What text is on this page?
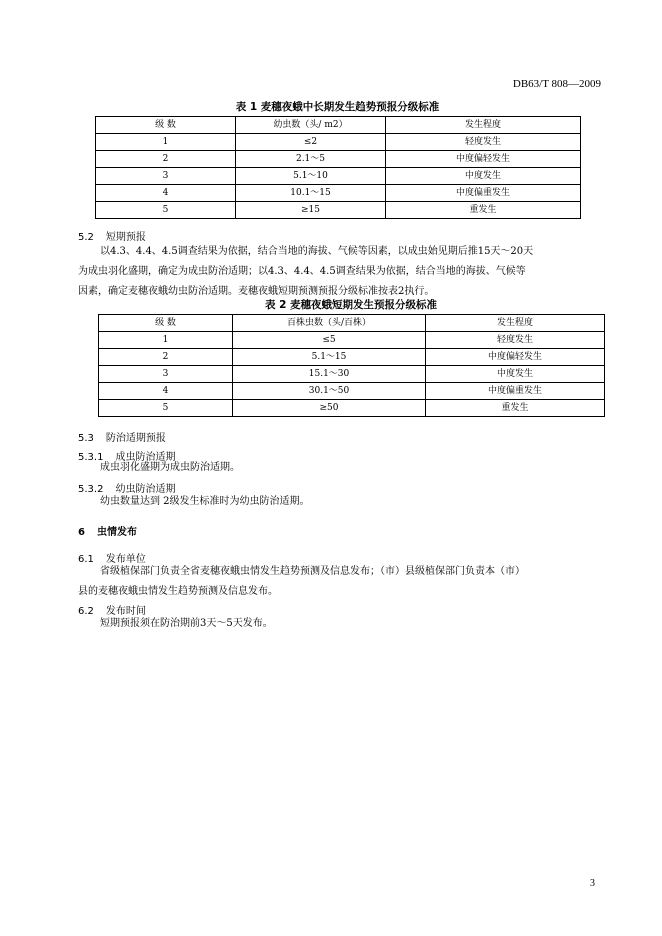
DB63/T 808—2009
表 1 麦穗夜蛾中长期发生趋势预报分级标准
级 数	幼虫数（头/ m2）	发生程度
1	≤2	轻度发生
2	2.1～5	中度偏轻发生
3	5.1～10	中度发生
4	10.1～15	中度偏重发生
5	≥15	重发生
5.2 短期预报
以4.3、4.4、4.5调查结果为依据，结合当地的海拔、气候等因素，以成虫始见期后推15天～20天
为成虫羽化盛期，确定为成虫防治适期；以4.3、4.4、4.5调查结果为依据，结合当地的海拔、气候等
因素，确定麦穗夜蛾幼虫防治适期。麦穗夜蛾短期预测预报分级标准按表2执行。
表 2 麦穗夜蛾短期发生预报分级标准
级 数	百株虫数（头/百株）	发生程度
1	≤5	轻度发生
2	5.1～15	中度偏轻发生
3	15.1～30	中度发生
4	30.1～50	中度偏重发生
5	≥50	重发生
5.3 防治适期预报
5.3.1 成虫防治适期
成虫羽化盛期为成虫防治适期。
5.3.2 幼虫防治适期
幼虫数量达到 2级发生标准时为幼虫防治适期。
6 虫情发布
6.1 发布单位
省级植保部门负责全省麦穗夜蛾虫情发生趋势预测及信息发布；（市）县级植保部门负责本（市）
县的麦穗夜蛾虫情发生趋势预测及信息发布。
6.2 发布时间
短期预报须在防治期前3天～5天发布。
3
